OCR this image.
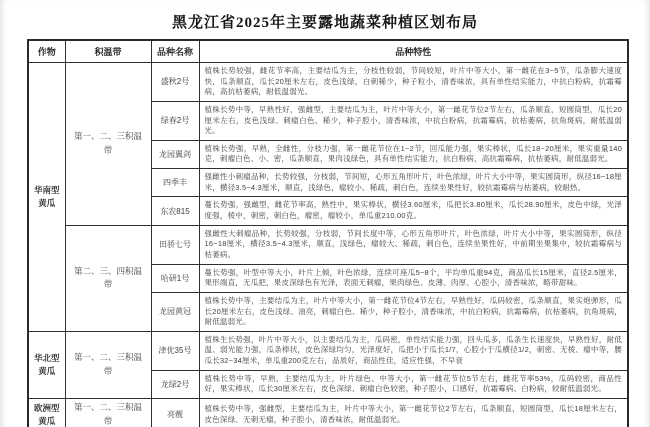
黑龙江省2025年主要露地蔬菜种植区划布局
作物	积温带	品种名称	品种特性
华南型黄瓜	第一、二、三积温带	盛秋2号	植株长势较强，雌花节率高，主要结瓜为主，分枝性较弱，节间较短，叶片中等大小，第一雌花在3~5节，瓜条膨大速度快，瓜条顺直，瓜长20厘米左右，皮色浅绿，白刺稀少，种子粒小，清香味浓，具有单性结实能力，中抗白粉病，抗霜霉病，高抗枯萎病，耐低温弱光。
		绿春2号	植株长势中等，早熟性好，强雌型，主要结瓜为主，叶片中等大小，第一雌花节位2节左右，瓜条顺直，短圆筒型，瓜长20厘米左右，皮色浅绿、刺瘤白色、稀少，种子腔小，清香味浓，中抗白粉病，抗霜霉病，抗枯萎病，抗角斑病，耐低温弱光。
		龙园翼剑	植株长势强，早熟，全雌性，分枝力强，第一雌花节位在1~2节，回瓜能力强，果实棒状，瓜长18~20厘米，果实重量140克，刺瘤白色、小、密，瓜条顺直，果肉浅绿色，具有单性结实能力，抗白粉病，高抗霜霉病，抗枯萎病，耐低温弱光。
		四季丰	强雌性小刺瘤品种，长势较强，分枝弱，节间短，心形五角形叶片，叶色浓绿，叶片大小中等，果实圆筒形，纵径16~18厘米，横径3.5~4.3厘米，顺直，浅绿色，瘤较小、稀疏，刺白色，连续坐果性好，较抗霜霉病与枯萎病，较耐热。
		东农815	蔓长势强，强雌型，雌花节率高，熟性中，果实棒状，横径3.60厘米，瓜把长3.80厘米，瓜长28.90厘米，皮色中绿，光泽度强，棱中，刺密，刺白色，瘤密，瘤较小，单瓜重210.00克。
	第二、三、四积温带	田骄七号	强雌性大刺瘤品种，长势较强，分枝弱，节间长度中等，心形五角形叶片，叶色浓绿，叶片大小中等，果实圆筒形，纵径16~18厘米，横径3.5~4.3厘米，顺直，浅绿色，瘤较大、稀疏，刺白色，连续坐果性好，中前期坐果集中，较抗霜霉病与枯萎病。
		哈研1号	蔓长势强，叶型中等大小，叶片上倾，叶色浓绿，连续可座瓜5~8个，平均单瓜重94克，商品瓜长15厘米，直径2.5厘米，果形端直，无瓜把，果皮深绿色有光泽，表面无刺瘤，果肉绿色、皮薄、肉厚、心腔小，清香味浓，略带甜味。
		龙园黄冠	植株长势中等，主要结瓜为主，叶片中等大小，第一雌花节位4节左右，早熟性好，瓜码较密，瓜条顺直，果实炮弹形，瓜长20厘米左右，皮色浅绿、油亮，刺瘤白色、稀少，种子腔小，清香味浓，中抗白粉病，抗霜霉病，抗枯萎病，抗角斑病，耐低温弱光。
华北型黄瓜	第一、二、三积温带	津优35号	植株生长势强，叶片中等大小，以主要结瓜为主，瓜码密，单性结实能力强，回头瓜多，瓜条生长速度快，早熟性好，耐低温、弱光能力强，瓜条棒状，皮色深绿均匀，光泽度好，瓜把小于瓜长1/7，心腔小于瓜横径1/2，刺密、无棱、瘤中等，腰瓜长32~34厘米，单瓜重200克左右，品质好，商品性佳，适应性强，不早衰
		龙绿2号	植株长势中等，早熟，主要结瓜为主，叶片绿色、中等大小，第一雌花节位5节左右，雌花节率53%，瓜码较密，商品性好，果实棒状，瓜长30厘米左右，皮色深绿、刺瘤白色较密，种子腔小，口感好，抗霜霉病、白粉病，较耐低温弱光。
欧洲型黄瓜	第一、二、三积温带	亮靓	植株长势中等，强雌型，主要结瓜为主，叶片中等大小，第一雌花节位2节左右，瓜条顺直，短圆筒型，瓜长18厘米左右，皮色深绿、无刺无瘤，种子腔小，清香味浓，耐低温弱光。
